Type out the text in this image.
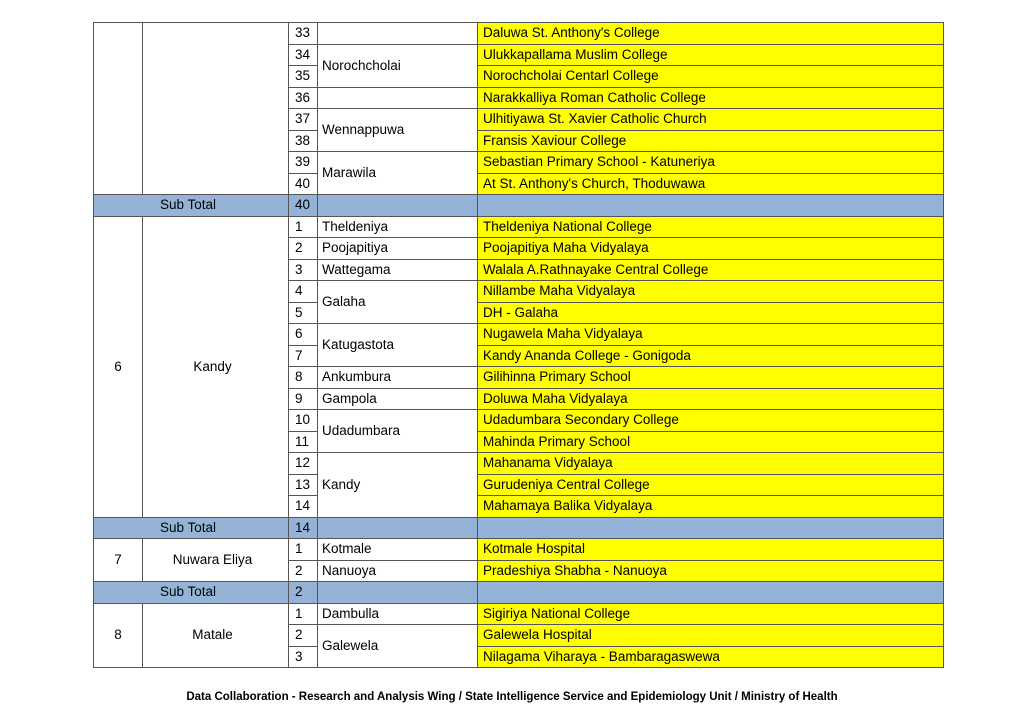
		33		Daluwa St. Anthony's College
		34	Norochcholai	Ulukkapallama Muslim College
		35		Norochcholai Centarl College
		36		Narakkalliya Roman Catholic College
		37	Wennappuwa	Ulhitiyawa St. Xavier Catholic Church
		38		Fransis Xaviour College
		39	Marawila	Sebastian Primary School - Katuneriya
		40		At St. Anthony's Church, Thoduwawa
Sub Total		40		
6	Kandy	1	Theldeniya	Theldeniya National College
		2	Poojapitiya	Poojapitiya Maha Vidyalaya
		3	Wattegama	Walala A.Rathnayake Central College
		4	Galaha	Nillambe Maha Vidyalaya
		5		DH - Galaha
		6	Katugastota	Nugawela Maha Vidyalaya
		7		Kandy Ananda College - Gonigoda
		8	Ankumbura	Gilihinna Primary School
		9	Gampola	Doluwa Maha Vidyalaya
		10	Udadumbara	Udadumbara Secondary College
		11		Mahinda Primary School
		12	Kandy	Mahanama Vidyalaya
		13		Gurudeniya Central College
		14		Mahamaya Balika Vidyalaya
Sub Total		14		
7	Nuwara Eliya	1	Kotmale	Kotmale Hospital
		2	Nanuoya	Pradeshiya Shabha - Nanuoya
Sub Total		2		
8	Matale	1	Dambulla	Sigiriya National College
		2	Galewela	Galewela Hospital
		3		Nilagama Viharaya - Bambaragaswewa
Data Collaboration - Research and Analysis Wing / State Intelligence Service and Epidemiology Unit / Ministry of Health
